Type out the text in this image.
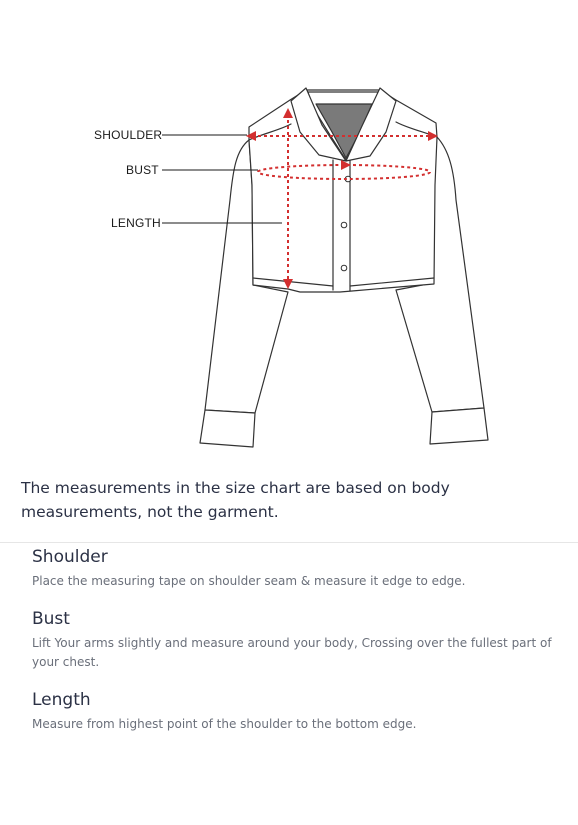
SHOULDER
BUST
LENGTH
The measurements in the size chart are based on body measurements, not the garment.
Shoulder

Place the measuring tape on shoulder seam & measure it edge to edge.

Bust

Lift Your arms slightly and measure around your body, Crossing over the fullest part of your chest.

Length

Measure from highest point of the shoulder to the bottom edge.
